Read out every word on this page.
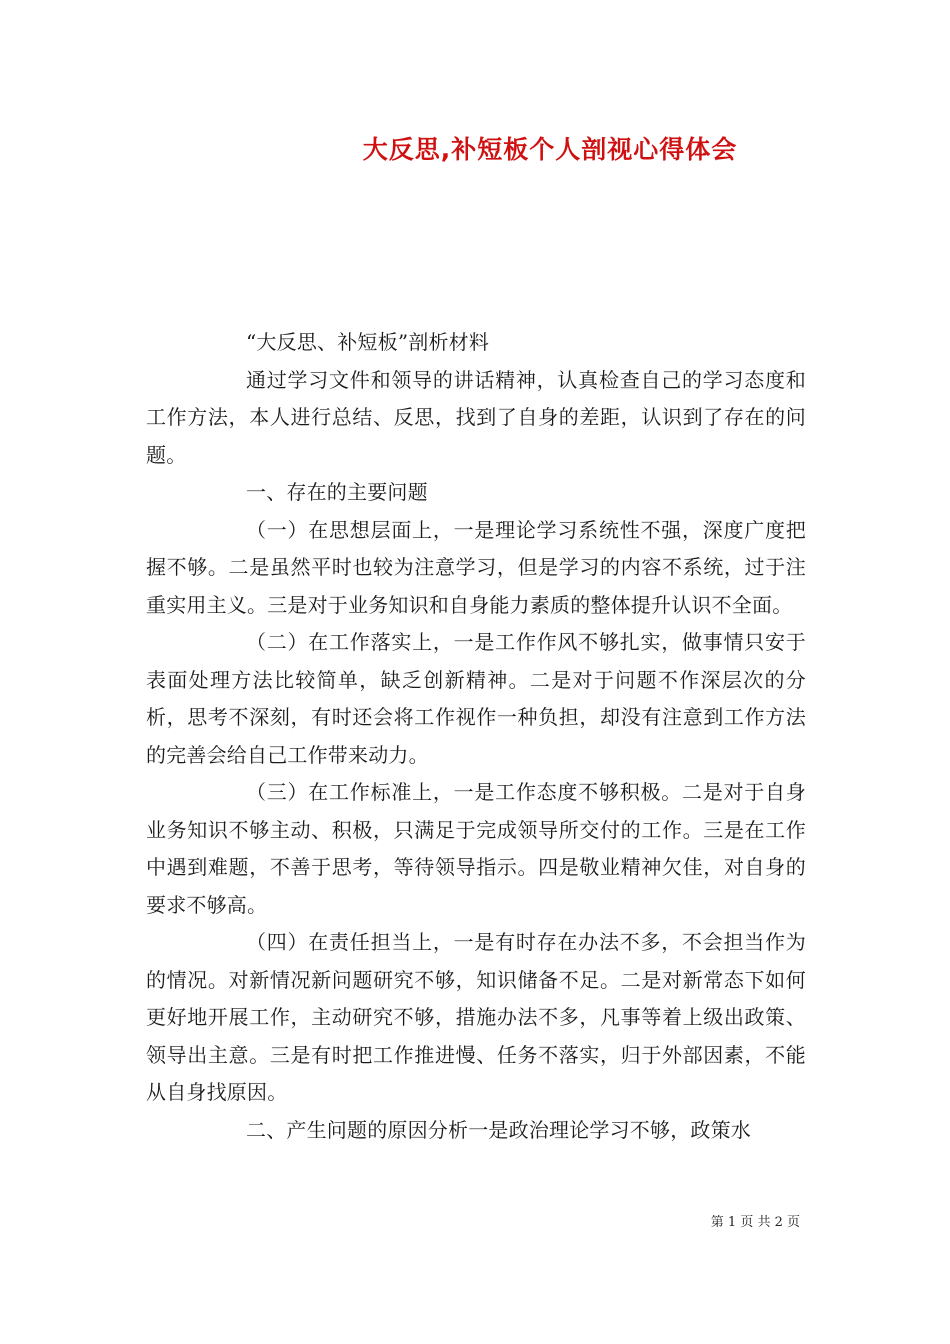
大反思,补短板个人剖视心得体会

“大反思、补短板”剖析材料

通过学习文件和领导的讲话精神，认真检查自己的学习态度和工作方法，本人进行总结、反思，找到了自身的差距，认识到了存在的问题。

一、存在的主要问题

（一）在思想层面上，一是理论学习系统性不强，深度广度把握不够。二是虽然平时也较为注意学习，但是学习的内容不系统，过于注重实用主义。三是对于业务知识和自身能力素质的整体提升认识不全面。

（二）在工作落实上，一是工作作风不够扎实，做事情只安于表面处理方法比较简单，缺乏创新精神。二是对于问题不作深层次的分析，思考不深刻，有时还会将工作视作一种负担，却没有注意到工作方法的完善会给自己工作带来动力。

（三）在工作标准上，一是工作态度不够积极。二是对于自身业务知识不够主动、积极，只满足于完成领导所交付的工作。三是在工作中遇到难题，不善于思考，等待领导指示。四是敬业精神欠佳，对自身的要求不够高。

（四）在责任担当上，一是有时存在办法不多，不会担当作为的情况。对新情况新问题研究不够，知识储备不足。二是对新常态下如何更好地开展工作，主动研究不够，措施办法不多，凡事等着上级出政策、领导出主意。三是有时把工作推进慢、任务不落实，归于外部因素，不能从自身找原因。

二、产生问题的原因分析一是政治理论学习不够，政策水

第 1 页 共 2 页
